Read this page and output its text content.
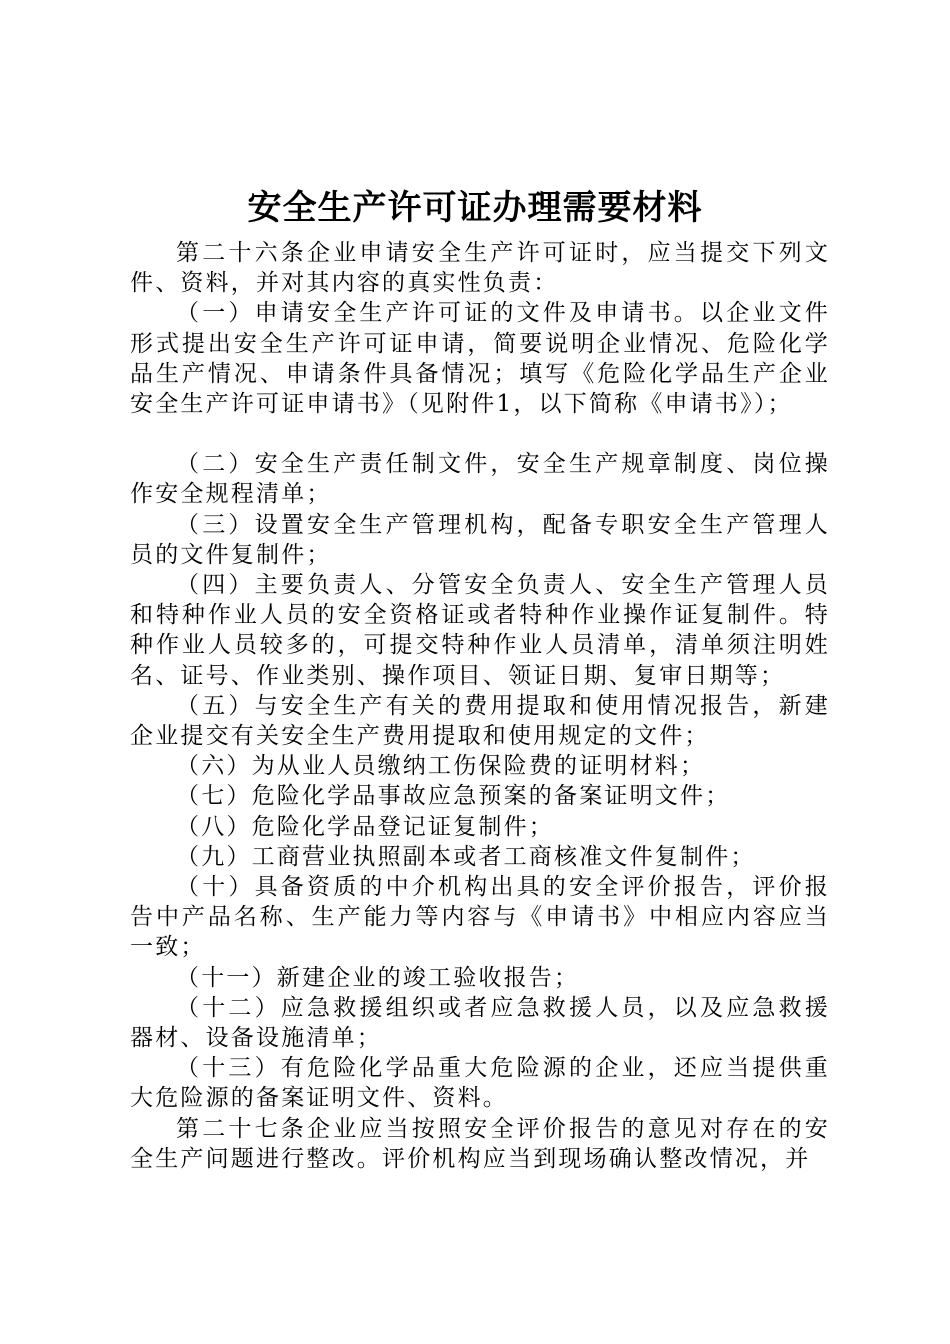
安全生产许可证办理需要材料

第二十六条企业申请安全生产许可证时，应当提交下列文件、资料，并对其内容的真实性负责：

（一）申请安全生产许可证的文件及申请书。以企业文件形式提出安全生产许可证申请，简要说明企业情况、危险化学品生产情况、申请条件具备情况；填写《危险化学品生产企业安全生产许可证申请书》（见附件1，以下简称《申请书》）；

（二）安全生产责任制文件，安全生产规章制度、岗位操作安全规程清单；

（三）设置安全生产管理机构，配备专职安全生产管理人员的文件复制件；

（四）主要负责人、分管安全负责人、安全生产管理人员和特种作业人员的安全资格证或者特种作业操作证复制件。特种作业人员较多的，可提交特种作业人员清单，清单须注明姓名、证号、作业类别、操作项目、领证日期、复审日期等；

（五）与安全生产有关的费用提取和使用情况报告，新建企业提交有关安全生产费用提取和使用规定的文件；

（六）为从业人员缴纳工伤保险费的证明材料；

（七）危险化学品事故应急预案的备案证明文件；

（八）危险化学品登记证复制件；

（九）工商营业执照副本或者工商核准文件复制件；

（十）具备资质的中介机构出具的安全评价报告，评价报告中产品名称、生产能力等内容与《申请书》中相应内容应当一致；

（十一）新建企业的竣工验收报告；

（十二）应急救援组织或者应急救援人员，以及应急救援器材、设备设施清单；

（十三）有危险化学品重大危险源的企业，还应当提供重大危险源的备案证明文件、资料。

第二十七条企业应当按照安全评价报告的意见对存在的安全生产问题进行整改。评价机构应当到现场确认整改情况，并
